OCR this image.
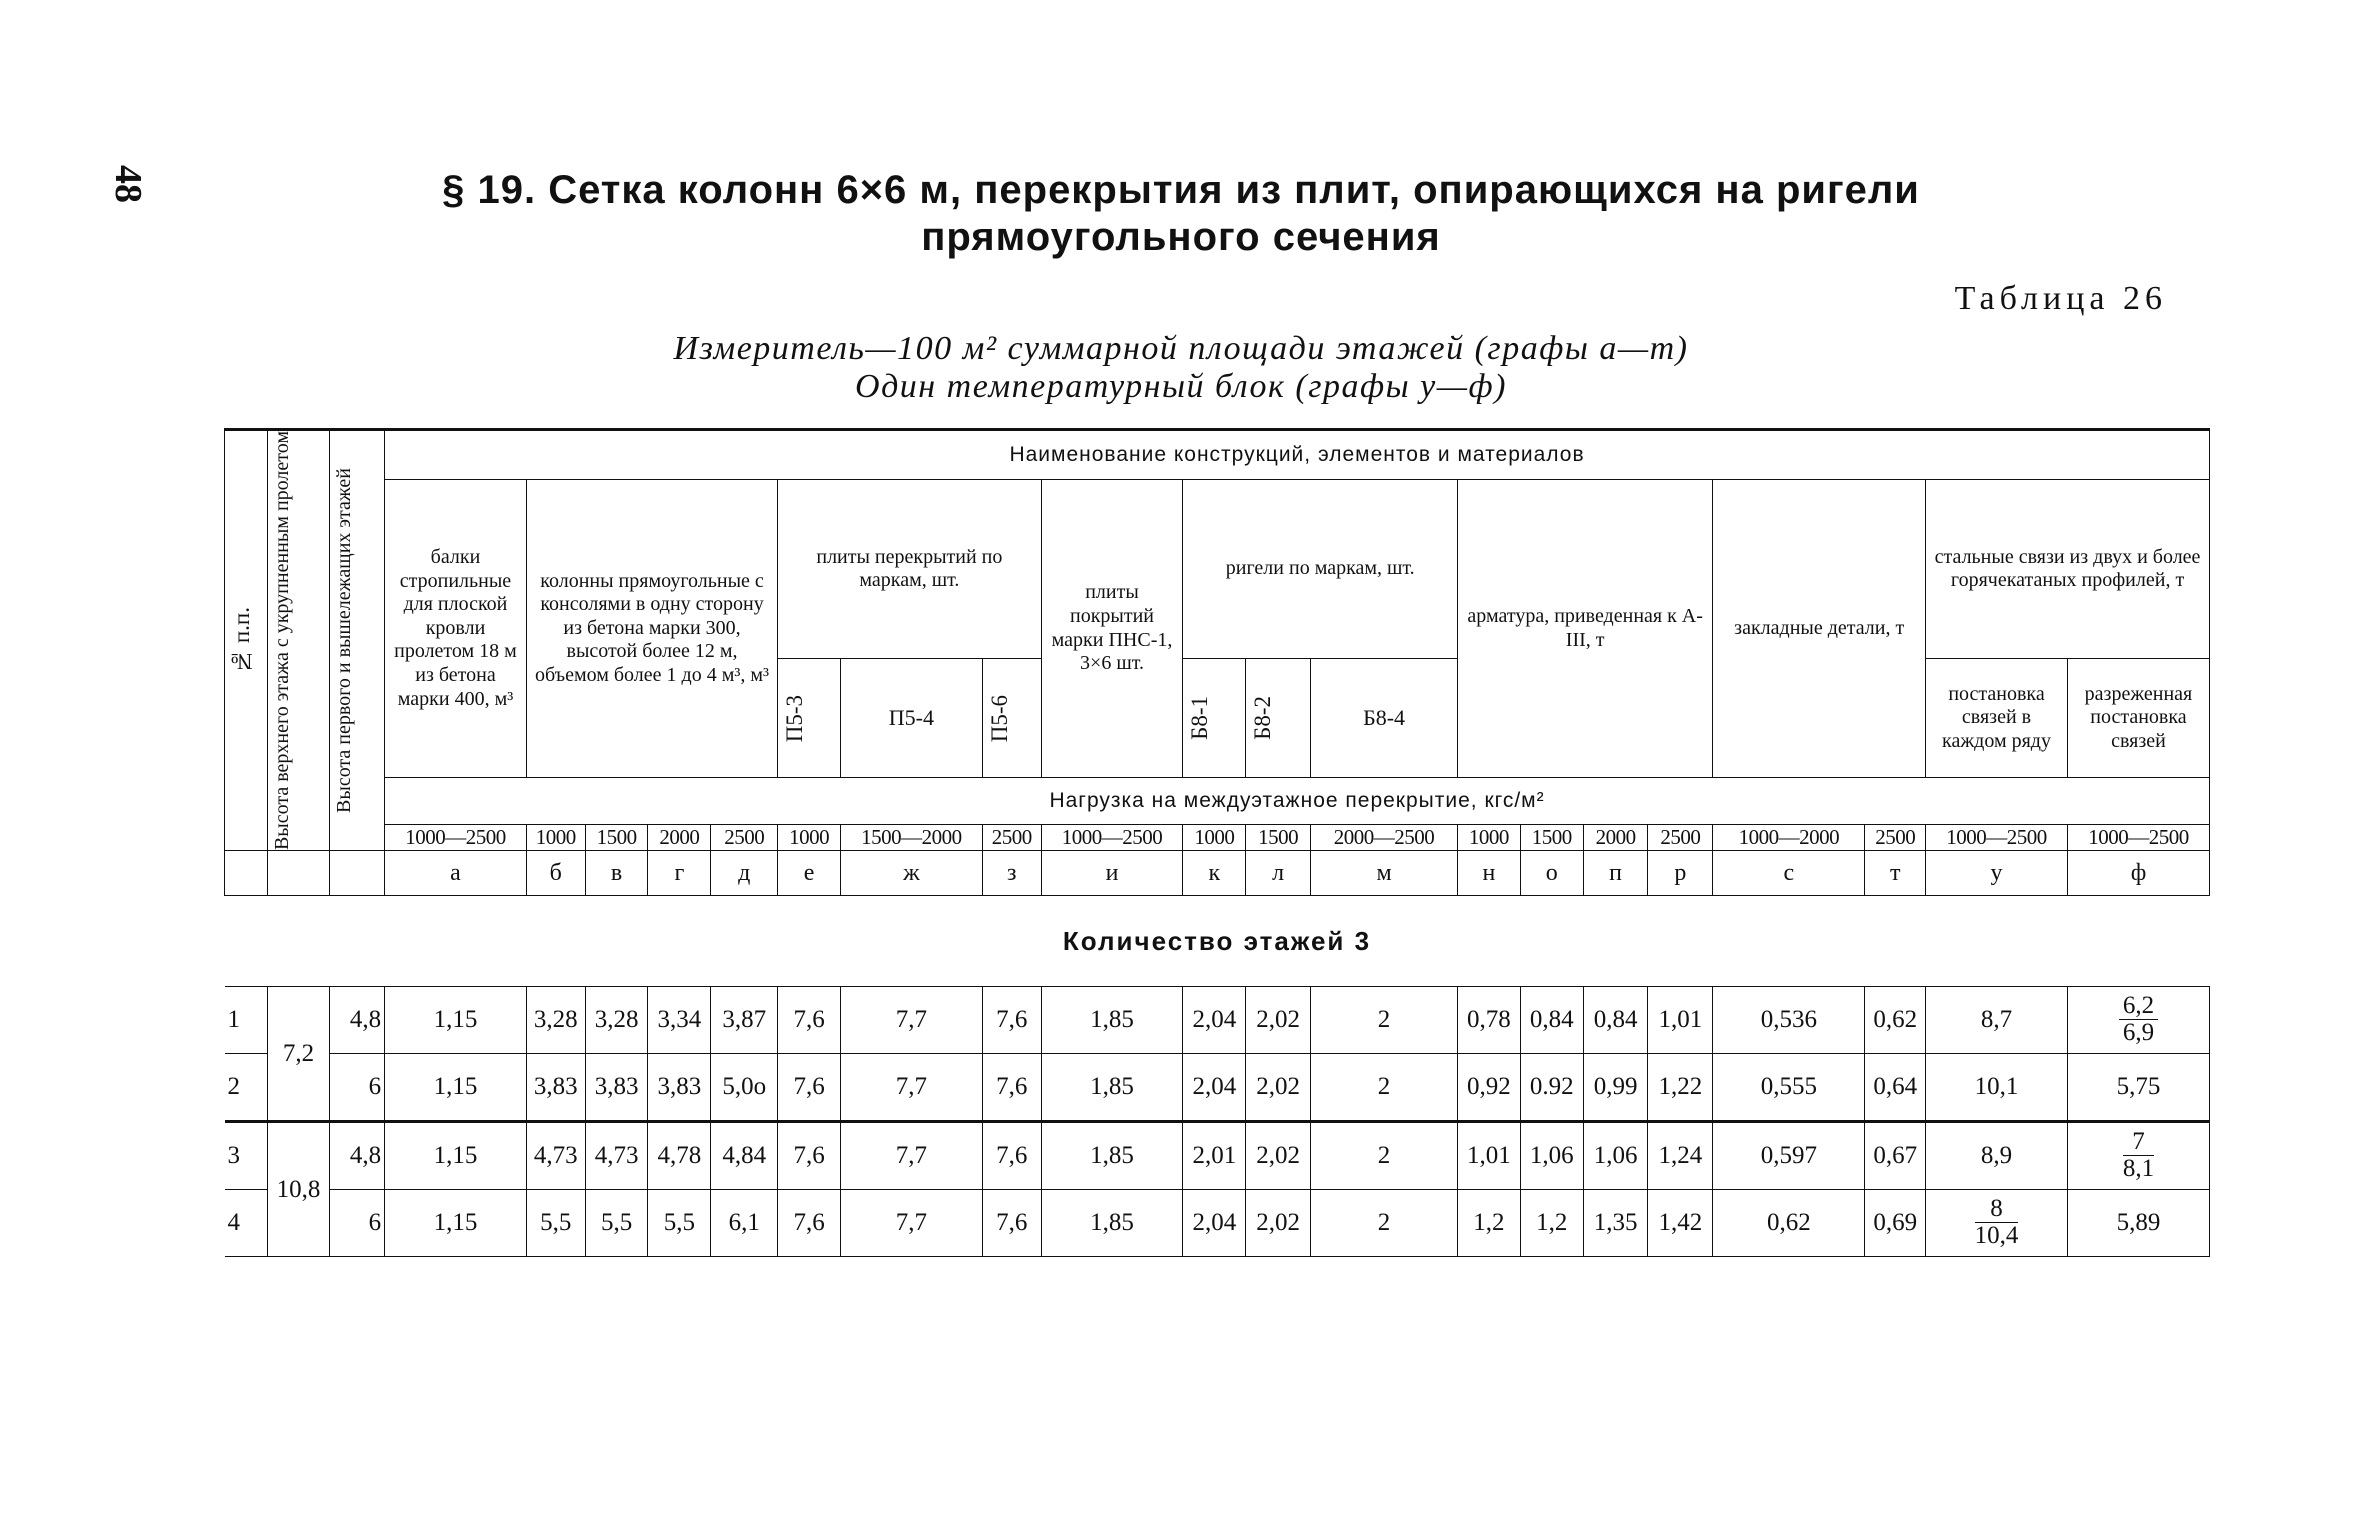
48	§ 19. Сетка колонн 6×6 м, перекрытия из плит, опирающихся на ригели
прямоугольного сечения
Таблица 26
Измеритель—100 м² суммарной площади этажей (графы а—т)
Один температурный блок (графы у—ф)
№ п.п.	Высота верхнего этажа с укрупненным пролетом	Высота первого и вышележащих этажей	Наименование конструкций, элементов и материалов																			
			балки стропильные для плоской кровли пролетом 18 м из бетона марки 400, м³	колонны прямоугольные с консолями в одну сторону из бетона марки 300, высотой более 12 м, объемом более 1 до 4 м³, м³				плиты перекрытий по маркам, шт.			плиты покрытий марки ПНС-1, 3×6 шт.	ригели по маркам, шт.			арматура, приведенная к А-III, т				закладные детали, т		стальные связи из двух и более горячекатаных профилей, т	

								П5-3	П5-4	П5-6		Б8-1	Б8-2	Б8-4							постановка связей в каждом ряду	разреженная постановка связей
			Нагрузка на междуэтажное перекрытие, кгс/м²																			
			1000—2500	1000	1500	2000	2500	1000	1500—2000	2500	1000—2500	1000	1500	2000—2500	1000	1500	2000	2500	1000—2000	2500	1000—2500	1000—2500
			а	б	в	г	д	е	ж	з	и	к	л	м	н	о	п	р	с	т	у	ф
Количество этажей 3																						
1	7,2	4,8	1,15	3,28	3,28	3,34	3,87	7,6	7,7	7,6	1,85	2,04	2,02	2	0,78	0,84	0,84	1,01	0,536	0,62	8,7	$\frac{6,2}{6,9}$

2		6	1,15	3,83	3,83	3,83	5,0о	7,6	7,7	7,6	1,85	2,04	2,02	2	0,92	0.92	0,99	1,22	0,555	0,64	10,1	5,75
3	10,8	4,8	1,15	4,73	4,73	4,78	4,84	7,6	7,7	7,6	1,85	2,01	2,02	2	1,01	1,06	1,06	1,24	0,597	0,67	8,9	$\frac{7}{8,1}$

4		6	1,15	5,5	5,5	5,5	6,1	7,6	7,7	7,6	1,85	2,04	2,02	2	1,2	1,2	1,35	1,42	0,62	0,69	$\frac{8}{10,4}$	5,89
